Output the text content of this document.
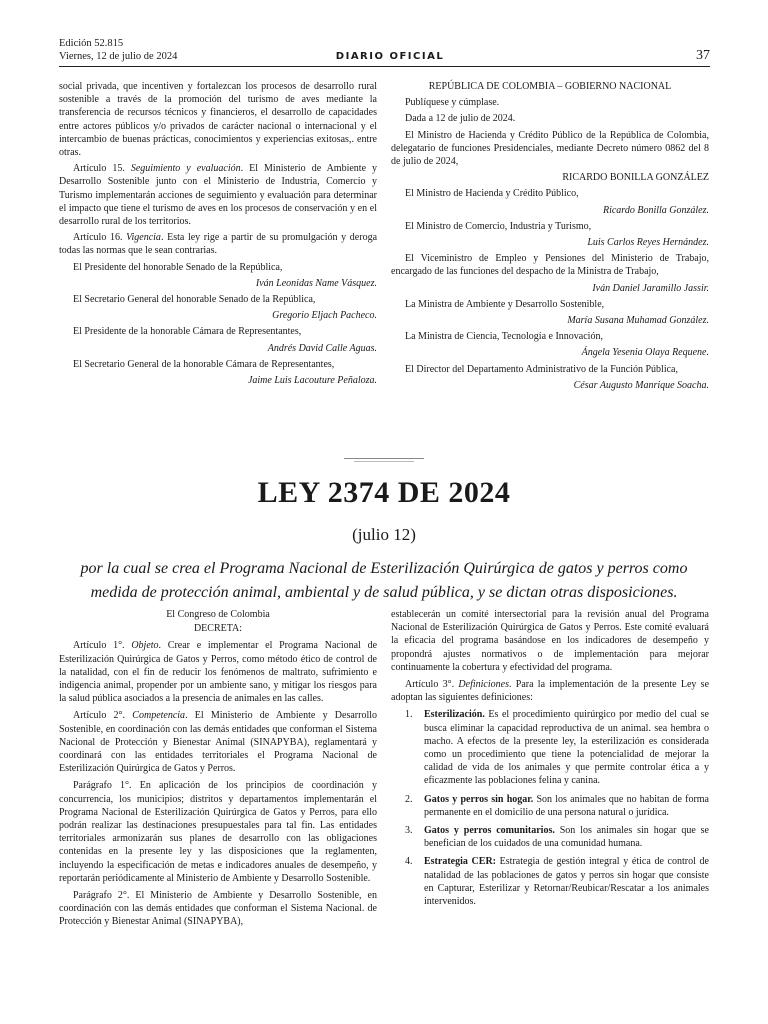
Edición 52.815
Viernes, 12 de julio de 2024	DIARIO OFICIAL	37

social privada, que incentiven y fortalezcan los procesos de desarrollo rural sostenible a través de la promoción del turismo de aves mediante la transferencia de recursos técnicos y financieros, el desarrollo de capacidades entre actores públicos y/o privados de carácter nacional o internacional y el intercambio de buenas prácticas, conocimientos y experiencias exitosas,. entre otras.

Artículo 15. Seguimiento y evaluación. El Ministerio de Ambiente y Desarrollo Sostenible junto con el Ministerio de Industria, Comercio y Turismo implementarán acciones de seguimiento y evaluación para determinar el impacto que tiene el turismo de aves en los procesos de conservación y en el desarrollo rural de los territorios.

Artículo 16. Vigencia. Esta ley rige a partir de su promulgación y deroga todas las normas que le sean contrarias.

El Presidente del honorable Senado de la República,

Iván Leonidas Name Vásquez.

El Secretario General del honorable Senado de la República,

Gregorio Eljach Pacheco.

El Presidente de la honorable Cámara de Representantes,

Andrés David Calle Aguas.

El Secretario General de la honorable Cámara de Representantes,

Jaime Luis Lacouture Peñaloza.

REPÚBLICA DE COLOMBIA – GOBIERNO NACIONAL

Publíquese y cúmplase.

Dada a 12 de julio de 2024.

El Ministro de Hacienda y Crédito Público de la República de Colombia, delegatario de funciones Presidenciales, mediante Decreto número 0862 del 8 de julio de 2024,

RICARDO BONILLA GONZÁLEZ

El Ministro de Hacienda y Crédito Público,

Ricardo Bonilla González.

El Ministro de Comercio, Industria y Turismo,

Luis Carlos Reyes Hernández.

El Viceministro de Empleo y Pensiones del Ministerio de Trabajo, encargado de las funciones del despacho de la Ministra de Trabajo,

Iván Daniel Jaramillo Jassir.

La Ministra de Ambiente y Desarrollo Sostenible,

María Susana Muhamad González.

La Ministra de Ciencia, Tecnología e Innovación,

Ángela Yesenia Olaya Requene.

El Director del Departamento Administrativo de la Función Pública,

César Augusto Manrique Soacha.

LEY 2374 DE 2024
(julio 12)
por la cual se crea el Programa Nacional de Esterilización Quirúrgica de gatos y perros como medida de protección animal, ambiental y de salud pública, y se dictan otras disposiciones.

El Congreso de Colombia

DECRETA:

Artículo 1°. Objeto. Crear e implementar el Programa Nacional de Esterilización Quirúrgica de Gatos y Perros, como método ético de control de la natalidad, con el fin de reducir los fenómenos de maltrato, sufrimiento e indigencia animal, propender por un ambiente sano, y mitigar los riesgos para la salud pública asociados a la presencia de animales en las calles.

Artículo 2°. Competencia. El Ministerio de Ambiente y Desarrollo Sostenible, en coordinación con las demás entidades que conforman el Sistema Nacional de Protección y Bienestar Animal (SINAPYBA), reglamentará y coordinará con las entidades territoriales el Programa Nacional de Esterilización Quirúrgica de Gatos y Perros.

Parágrafo 1°. En aplicación de los principios de coordinación y concurrencia, los municipios; distritos y departamentos implementarán el Programa Nacional de Esterilización Quirúrgica de Gatos y Perros, para ello podrán realizar las destinaciones presupuestales para tal fin. Las entidades territoriales armonizarán sus planes de desarrollo con las obligaciones contenidas en la presente ley y las disposiciones que la reglamenten, incluyendo la especificación de metas e indicadores anuales de desempeño, y reportarán periódicamente al Ministerio de Ambiente y Desarrollo Sostenible.

Parágrafo 2°. El Ministerio de Ambiente y Desarrollo Sostenible, en coordinación con las demás entidades que conforman el Sistema Nacional. de Protección y Bienestar Animal (SINAPYBA),

establecerán un comité intersectorial para la revisión anual del Programa Nacional de Esterilización Quirúrgica de Gatos y Perros. Este comité evaluará la eficacia del programa basándose en los indicadores de desempeño y propondrá ajustes normativos o de implementación para mejorar continuamente la cobertura y efectividad del programa.

Artículo 3°. Definiciones. Para la implementación de la presente Ley se adoptan las siguientes definiciones:

1. Esterilización. Es el procedimiento quirúrgico por medio del cual se busca eliminar la capacidad reproductiva de un animal. sea hembra o macho. A efectos de la presente ley, la esterilización es considerada como un procedimiento que tiene la potencialidad de mejorar la calidad de vida de los animales y que permite controlar ética a y eficazmente las poblaciones felina y canina.
2. Gatos y perros sin hogar. Son los animales que no habitan de forma permanente en el domicilio de una persona natural o jurídica.
3. Gatos y perros comunitarios. Son los animales sin hogar que se benefician de los cuidados de una comunidad humana.
4. Estrategia CER: Estrategia de gestión integral y ética de control de natalidad de las poblaciones de gatos y perros sin hogar que consiste en Capturar, Esterilizar y Retornar/Reubicar/Rescatar a los animales intervenidos.
